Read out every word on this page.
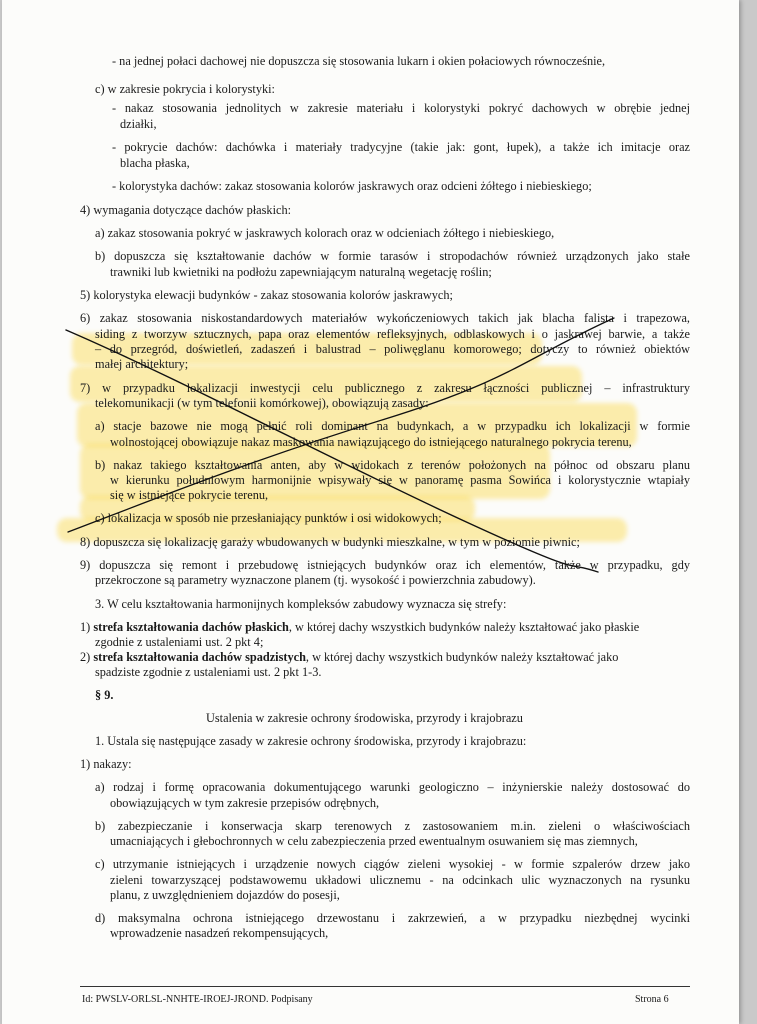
- na jednej połaci dachowej nie dopuszcza się stosowania lukarn i okien połaciowych równocześnie,
c) w zakresie pokrycia i kolorystyki:
- nakaz stosowania jednolitych w zakresie materiału i kolorystyki pokryć dachowych w obrębie jednej
działki,
- pokrycie dachów: dachówka i materiały tradycyjne (takie jak: gont, łupek), a także ich imitacje oraz
blacha płaska,
- kolorystyka dachów: zakaz stosowania kolorów jaskrawych oraz odcieni żółtego i niebieskiego;
4) wymagania dotyczące dachów płaskich:
a) zakaz stosowania pokryć w jaskrawych kolorach oraz w odcieniach żółtego i niebieskiego,
b) dopuszcza się kształtowanie dachów w formie tarasów i stropodachów również urządzonych jako stałe
trawniki lub kwietniki na podłożu zapewniającym naturalną wegetację roślin;
5) kolorystyka elewacji budynków - zakaz stosowania kolorów jaskrawych;
6) zakaz stosowania niskostandardowych materiałów wykończeniowych takich jak blacha falista i trapezowa,
siding z tworzyw sztucznych, papa oraz elementów refleksyjnych, odblaskowych i o jaskrawej barwie, a także
– do przegród, doświetleń, zadaszeń i balustrad – poliwęglanu komorowego; dotyczy to również obiektów
małej architektury;
7) w przypadku lokalizacji inwestycji celu publicznego z zakresu łączności publicznej – infrastruktury
telekomunikacji (w tym telefonii komórkowej), obowiązują zasady:
a) stacje bazowe nie mogą pełnić roli dominant na budynkach, a w przypadku ich lokalizacji w formie
wolnostojącej obowiązuje nakaz maskowania nawiązującego do istniejącego naturalnego pokrycia terenu,
b) nakaz takiego kształtowania anten, aby w widokach z terenów położonych na północ od obszaru planu
w kierunku południowym harmonijnie wpisywały się w panoramę pasma Sowińca i kolorystycznie wtapiały
się w istniejące pokrycie terenu,
c) lokalizacja w sposób nie przesłaniający punktów i osi widokowych;
8) dopuszcza się lokalizację garaży wbudowanych w budynki mieszkalne, w tym w poziomie piwnic;
9) dopuszcza się remont i przebudowę istniejących budynków oraz ich elementów, także w przypadku, gdy
przekroczone są parametry wyznaczone planem (tj. wysokość i powierzchnia zabudowy).
3. W celu kształtowania harmonijnych kompleksów zabudowy wyznacza się strefy:
1) strefa kształtowania dachów płaskich, w której dachy wszystkich budynków należy kształtować jako płaskie
zgodnie z ustaleniami ust. 2 pkt 4;
2) strefa kształtowania dachów spadzistych, w której dachy wszystkich budynków należy kształtować jako
spadziste zgodnie z ustaleniami ust. 2 pkt 1-3.
§ 9.
Ustalenia w zakresie ochrony środowiska, przyrody i krajobrazu
1. Ustala się następujące zasady w zakresie ochrony środowiska, przyrody i krajobrazu:
1) nakazy:
a) rodzaj i formę opracowania dokumentującego warunki geologiczno – inżynierskie należy dostosować do
obowiązujących w tym zakresie przepisów odrębnych,
b) zabezpieczanie i konserwacja skarp terenowych z zastosowaniem m.in. zieleni o właściwościach
umacniających i głebochronnych w celu zabezpieczenia przed ewentualnym osuwaniem się mas ziemnych,
c) utrzymanie istniejących i urządzenie nowych ciągów zieleni wysokiej - w formie szpalerów drzew jako
zieleni towarzyszącej podstawowemu układowi ulicznemu - na odcinkach ulic wyznaczonych na rysunku
planu, z uwzględnieniem dojazdów do posesji,
d) maksymalna ochrona istniejącego drzewostanu i zakrzewień, a w przypadku niezbędnej wycinki
wprowadzenie nasadzeń rekompensujących,
Id: PWSLV-ORLSL-NNHTE-IROEJ-JROND. Podpisany	Strona 6
